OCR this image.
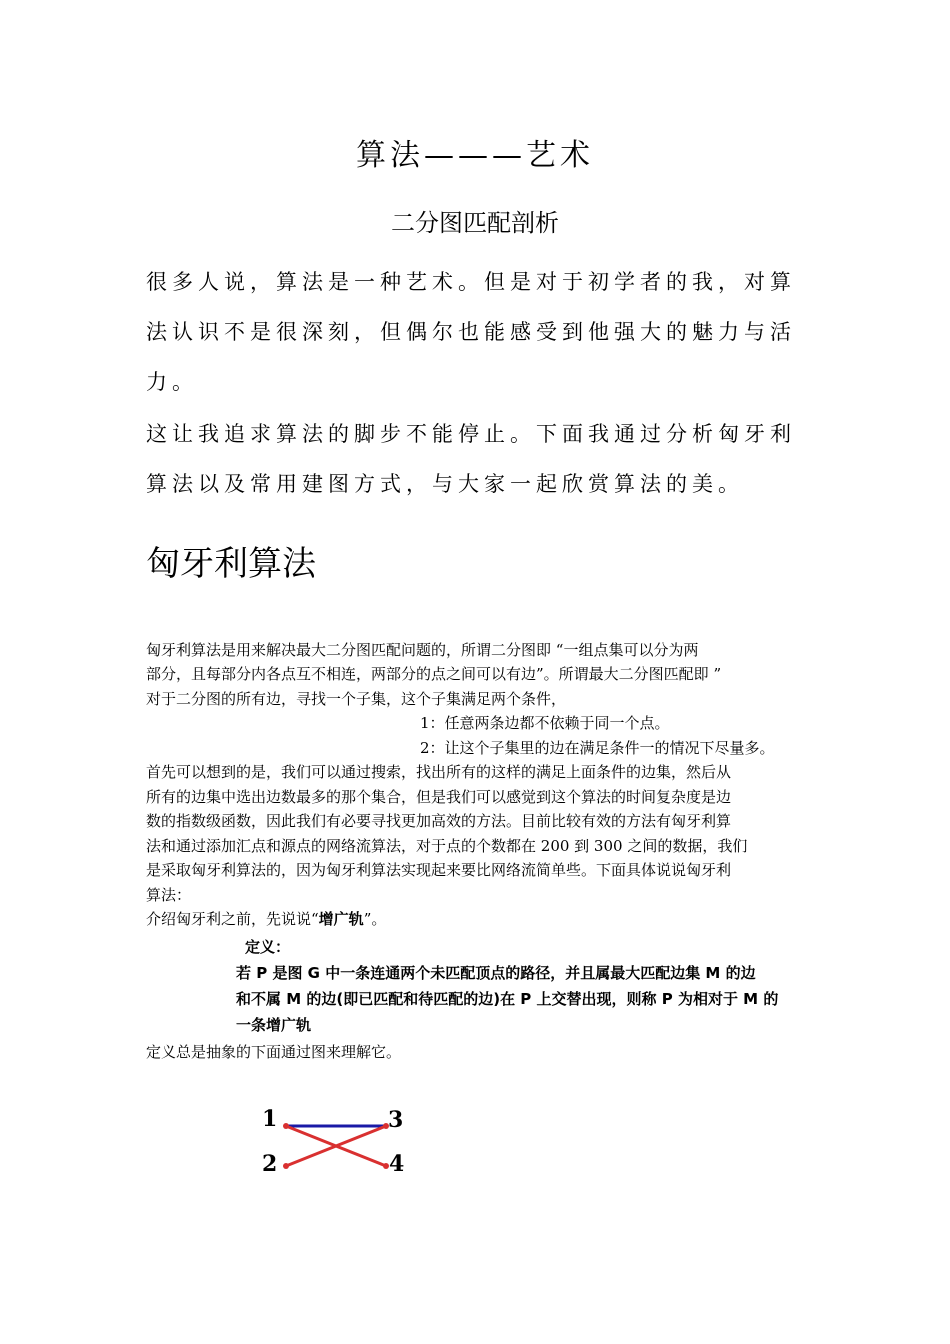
算法———艺术
二分图匹配剖析
很多人说，算法是一种艺术。但是对于初学者的我，对算
法认识不是很深刻，但偶尔也能感受到他强大的魅力与活
力。
这让我追求算法的脚步不能停止。下面我通过分析匈牙利
算法以及常用建图方式，与大家一起欣赏算法的美。
匈牙利算法
匈牙利算法是用来解决最大二分图匹配问题的，所谓二分图即 “一组点集可以分为两
部分，且每部分内各点互不相连，两部分的点之间可以有边”。所谓最大二分图匹配即 ”
对于二分图的所有边，寻找一个子集，这个子集满足两个条件，
1：任意两条边都不依赖于同一个点。
2：让这个子集里的边在满足条件一的情况下尽量多。
首先可以想到的是，我们可以通过搜索，找出所有的这样的满足上面条件的边集，然后从
所有的边集中选出边数最多的那个集合，但是我们可以感觉到这个算法的时间复杂度是边
数的指数级函数，因此我们有必要寻找更加高效的方法。目前比较有效的方法有匈牙利算
法和通过添加汇点和源点的网络流算法，对于点的个数都在 200 到 300 之间的数据，我们
是采取匈牙利算法的，因为匈牙利算法实现起来要比网络流简单些。下面具体说说匈牙利
算法：
介绍匈牙利之前，先说说“增广轨”。
定义：
若 P 是图 G 中一条连通两个未匹配顶点的路径，并且属最大匹配边集 M 的边
和不属 M 的边(即已匹配和待匹配的边)在 P 上交替出现，则称 P 为相对于 M 的
一条增广轨
定义总是抽象的下面通过图来理解它。
1	3
2	4
